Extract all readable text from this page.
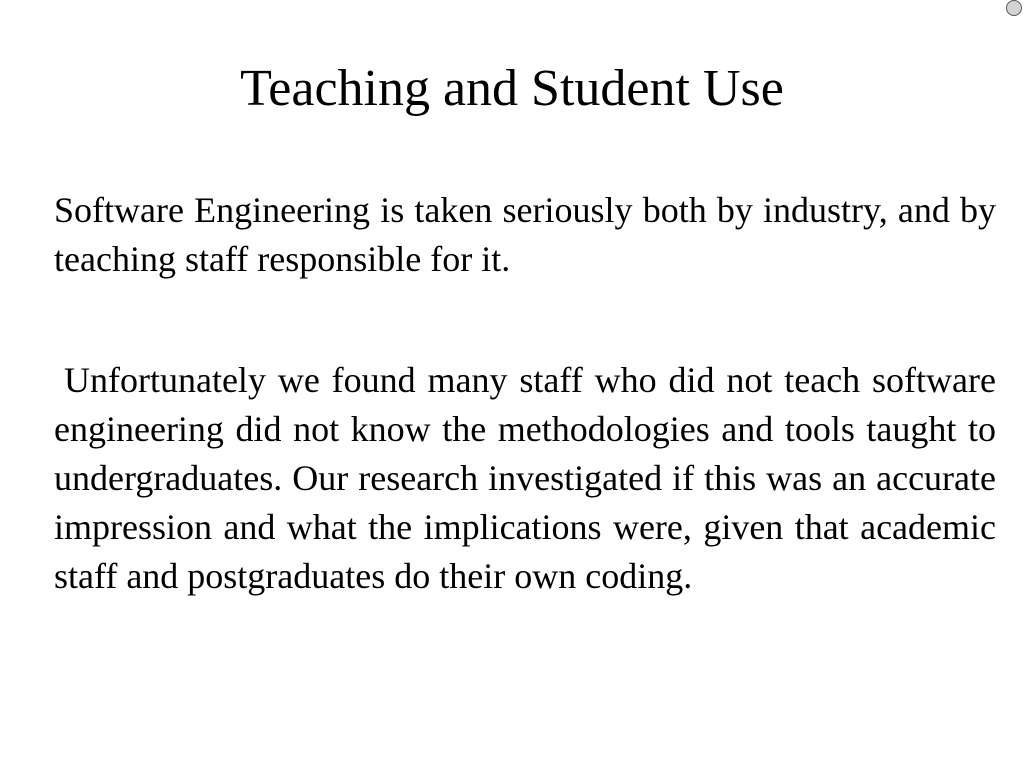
Teaching and Student Use

Software Engineering is taken seriously both by industry, and by teaching staff responsible for it.

Unfortunately we found many staff who did not teach software engineering did not know the methodologies and tools taught to undergraduates. Our research investigated if this was an accurate impression and what the implications were, given that academic staff and postgraduates do their own coding.
